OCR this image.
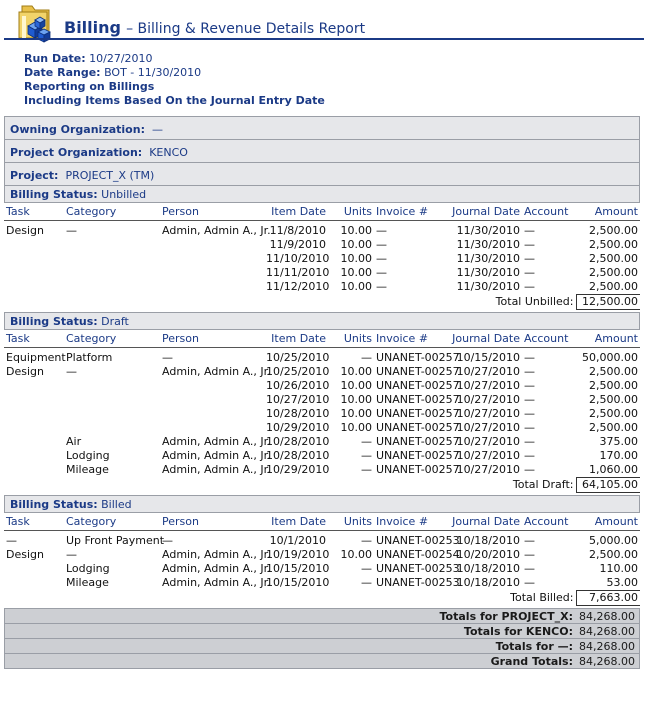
Billing – Billing & Revenue Details Report
Run Date: 10/27/2010
Date Range: BOT - 11/30/2010
Reporting on Billings
Including Items Based On the Journal Entry Date
Owning Organization: —
Project Organization: KENCO
Project: PROJECT_X (TM)
Billing Status: Unbilled
Task	Category	Person	Item Date	Units	Invoice #	Journal Date	Account	Amount

Design	—	Admin, Admin A., Jr.	11/8/2010	10.00	—	11/30/2010	—	2,500.00
			11/9/2010	10.00	—	11/30/2010	—	2,500.00
			11/10/2010	10.00	—	11/30/2010	—	2,500.00
			11/11/2010	10.00	—	11/30/2010	—	2,500.00
			11/12/2010	10.00	—	11/30/2010	—	2,500.00
Total Unbilled:								12,500.00

Billing Status: Draft
Task	Category	Person	Item Date	Units	Invoice #	Journal Date	Account	Amount

Equipment	Platform	—	10/25/2010	—	UNANET-00257	10/15/2010	—	50,000.00
Design	—	Admin, Admin A., Jr.	10/25/2010	10.00	UNANET-00257	10/27/2010	—	2,500.00
			10/26/2010	10.00	UNANET-00257	10/27/2010	—	2,500.00
			10/27/2010	10.00	UNANET-00257	10/27/2010	—	2,500.00
			10/28/2010	10.00	UNANET-00257	10/27/2010	—	2,500.00
			10/29/2010	10.00	UNANET-00257	10/27/2010	—	2,500.00
	Air	Admin, Admin A., Jr.	10/28/2010	—	UNANET-00257	10/27/2010	—	375.00
	Lodging	Admin, Admin A., Jr.	10/28/2010	—	UNANET-00257	10/27/2010	—	170.00
	Mileage	Admin, Admin A., Jr.	10/29/2010	—	UNANET-00257	10/27/2010	—	1,060.00
Total Draft:								64,105.00

Billing Status: Billed
Task	Category	Person	Item Date	Units	Invoice #	Journal Date	Account	Amount

—	Up Front Payment	—	10/1/2010	—	UNANET-00253	10/18/2010	—	5,000.00
Design	—	Admin, Admin A., Jr.	10/19/2010	10.00	UNANET-00254	10/20/2010	—	2,500.00
	Lodging	Admin, Admin A., Jr.	10/15/2010	—	UNANET-00253	10/18/2010	—	110.00
	Mileage	Admin, Admin A., Jr.	10/15/2010	—	UNANET-00253	10/18/2010	—	53.00
Total Billed:								7,663.00

Totals for PROJECT_X: 84,268.00
Totals for KENCO: 84,268.00
Totals for —: 84,268.00
Grand Totals: 84,268.00
